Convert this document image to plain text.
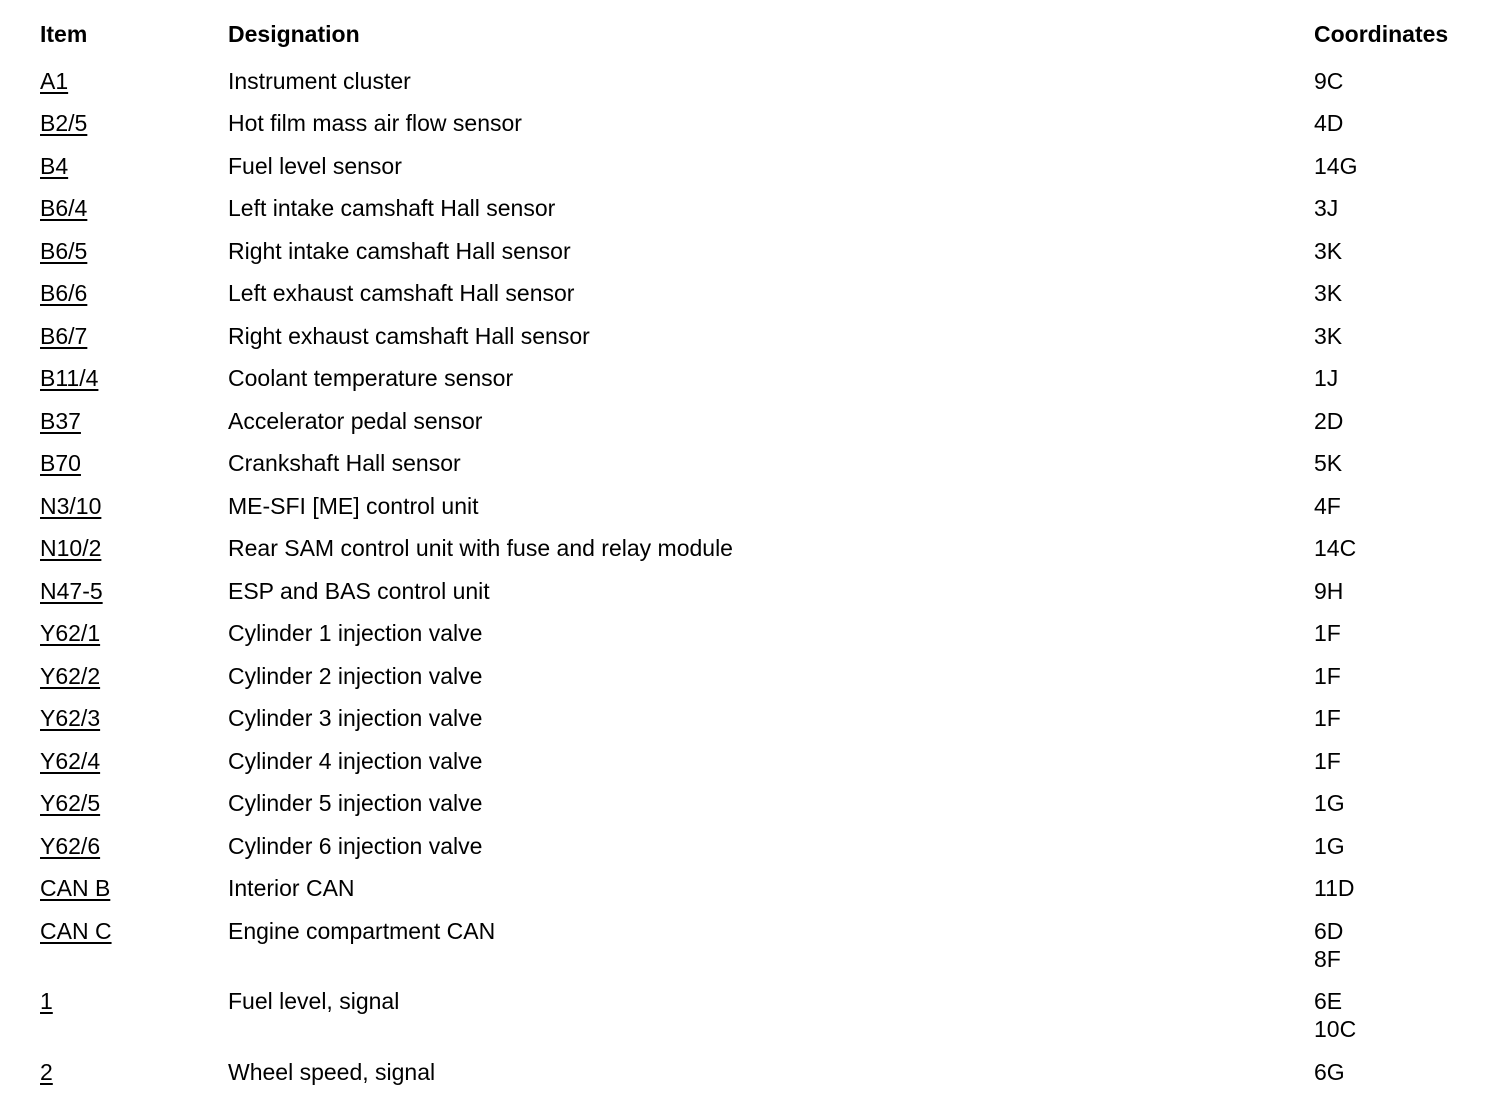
Item	Designation	Coordinates
A1	Instrument cluster	9C

B2/5	Hot film mass air flow sensor	4D

B4	Fuel level sensor	14G

B6/4	Left intake camshaft Hall sensor	3J

B6/5	Right intake camshaft Hall sensor	3K

B6/6	Left exhaust camshaft Hall sensor	3K

B6/7	Right exhaust camshaft Hall sensor	3K

B11/4	Coolant temperature sensor	1J

B37	Accelerator pedal sensor	2D

B70	Crankshaft Hall sensor	5K

N3/10	ME-SFI [ME] control unit	4F

N10/2	Rear SAM control unit with fuse and relay module	14C

N47-5	ESP and BAS control unit	9H

Y62/1	Cylinder 1 injection valve	1F

Y62/2	Cylinder 2 injection valve	1F

Y62/3	Cylinder 3 injection valve	1F

Y62/4	Cylinder 4 injection valve	1F

Y62/5	Cylinder 5 injection valve	1G

Y62/6	Cylinder 6 injection valve	1G

CAN B	Interior CAN	11D

CAN C	Engine compartment CAN	6D
8F

1	Fuel level, signal	6E
10C

2	Wheel speed, signal	6G
